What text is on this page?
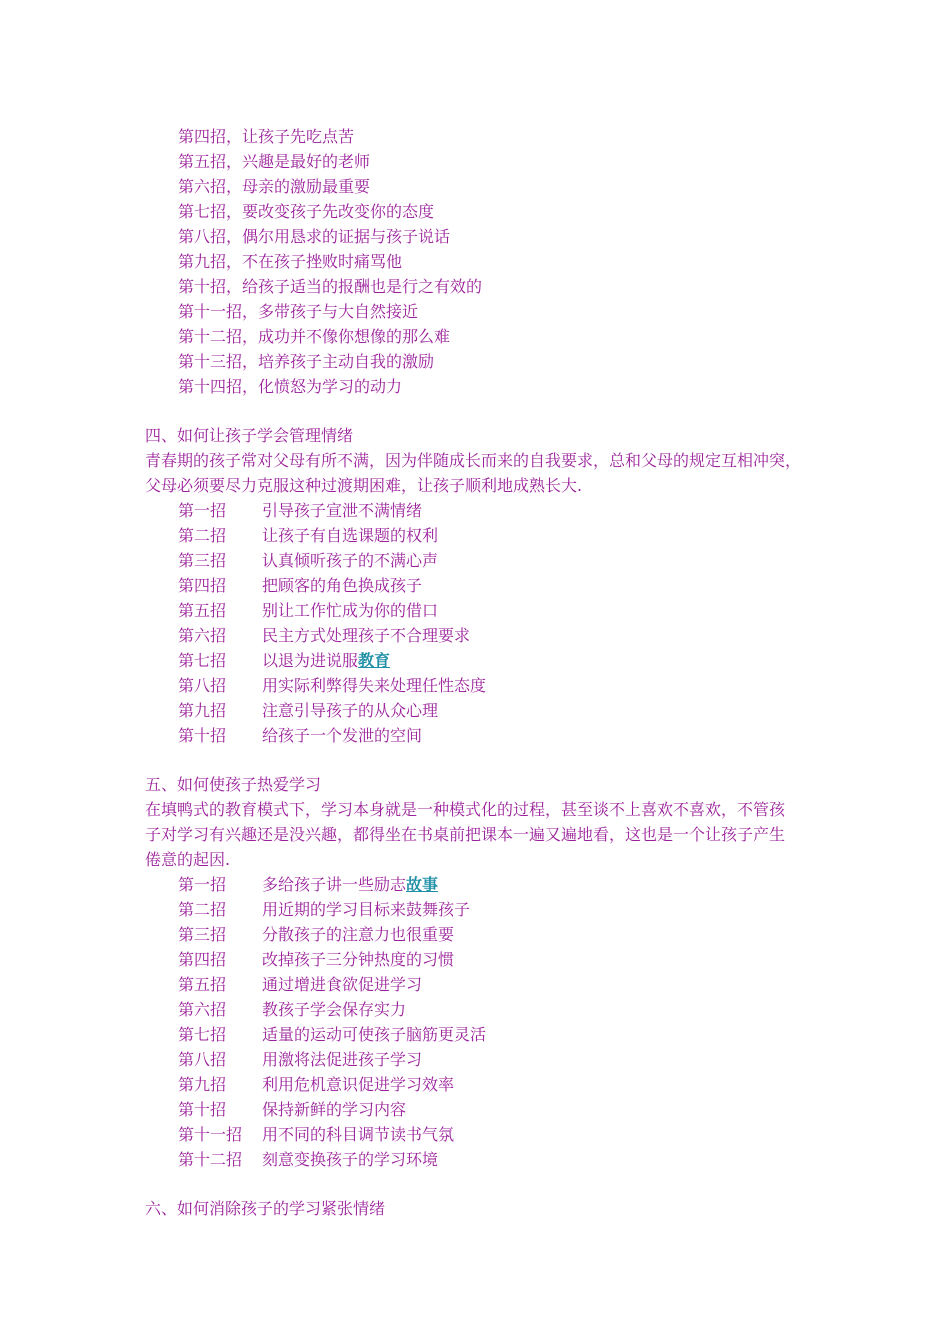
第四招，让孩子先吃点苦
第五招，兴趣是最好的老师
第六招，母亲的激励最重要
第七招，要改变孩子先改变你的态度
第八招，偶尔用恳求的证据与孩子说话
第九招，不在孩子挫败时痛骂他
第十招，给孩子适当的报酬也是行之有效的
第十一招，多带孩子与大自然接近
第十二招，成功并不像你想像的那么难
第十三招，培养孩子主动自我的激励
第十四招，化愤怒为学习的动力
四、如何让孩子学会管理情绪
青春期的孩子常对父母有所不满，因为伴随成长而来的自我要求，总和父母的规定互相冲突，
父母必须要尽力克服这种过渡期困难，让孩子顺利地成熟长大.
第一招 引导孩子宣泄不满情绪
第二招 让孩子有自选课题的权利
第三招 认真倾听孩子的不满心声
第四招 把顾客的角色换成孩子
第五招 别让工作忙成为你的借口
第六招 民主方式处理孩子不合理要求
第七招 以退为进说服教育
第八招 用实际利弊得失来处理任性态度
第九招 注意引导孩子的从众心理
第十招 给孩子一个发泄的空间
五、如何使孩子热爱学习
在填鸭式的教育模式下，学习本身就是一种模式化的过程，甚至谈不上喜欢不喜欢，不管孩
子对学习有兴趣还是没兴趣，都得坐在书桌前把课本一遍又遍地看，这也是一个让孩子产生
倦意的起因.
第一招 多给孩子讲一些励志故事
第二招 用近期的学习目标来鼓舞孩子
第三招 分散孩子的注意力也很重要
第四招 改掉孩子三分钟热度的习惯
第五招 通过增进食欲促进学习
第六招 教孩子学会保存实力
第七招 适量的运动可使孩子脑筋更灵活
第八招 用激将法促进孩子学习
第九招 利用危机意识促进学习效率
第十招 保持新鲜的学习内容
第十一招 用不同的科目调节读书气氛
第十二招 刻意变换孩子的学习环境
六、如何消除孩子的学习紧张情绪
